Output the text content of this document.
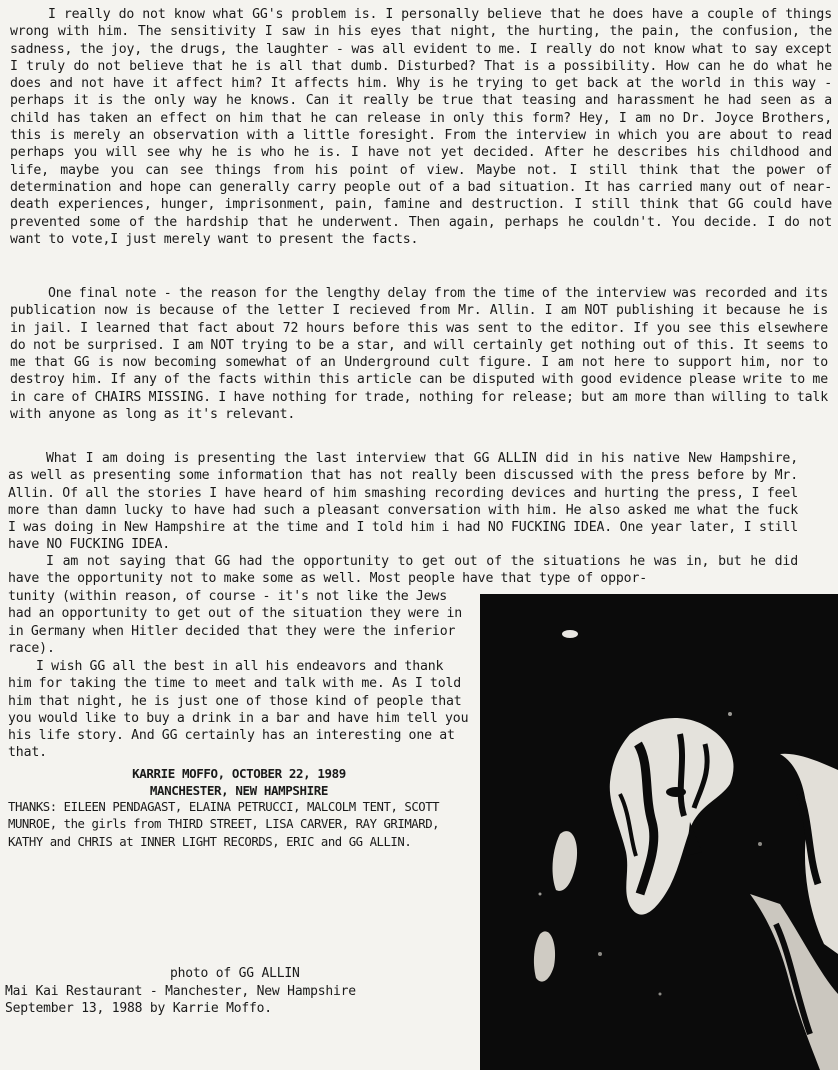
I really do not know what GG's problem is. I personally believe that he does have a couple of things wrong with him. The sensitivity I saw in his eyes that night, the hurting, the pain, the confusion, the sadness, the joy, the drugs, the laughter - was all evident to me. I really do not know what to say except I truly do not believe that he is all that dumb. Disturbed? That is a possibility. How can he do what he does and not have it affect him? It affects him. Why is he trying to get back at the world in this way - perhaps it is the only way he knows. Can it really be true that teasing and harassment he had seen as a child has taken an effect on him that he can release in only this form? Hey, I am no Dr. Joyce Brothers, this is merely an observation with a little foresight. From the interview in which you are about to read perhaps you will see why he is who he is. I have not yet decided. After he describes his childhood and life, maybe you can see things from his point of view. Maybe not. I still think that the power of determination and hope can generally carry people out of a bad situation. It has carried many out of near-death experiences, hunger, imprisonment, pain, famine and destruction. I still think that GG could have prevented some of the hardship that he underwent. Then again, perhaps he couldn't. You decide. I do not want to vote,I just merely want to present the facts.

One final note - the reason for the lengthy delay from the time of the interview was recorded and its publication now is because of the letter I recieved from Mr. Allin. I am NOT publishing it because he is in jail. I learned that fact about 72 hours before this was sent to the editor. If you see this elsewhere do not be surprised. I am NOT trying to be a star, and will certainly get nothing out of this. It seems to me that GG is now becoming somewhat of an Underground cult figure. I am not here to support him, nor to destroy him. If any of the facts within this article can be disputed with good evidence please write to me in care of CHAIRS MISSING. I have nothing for trade, nothing for release; but am more than willing to talk with anyone as long as it's relevant.

What I am doing is presenting the last interview that GG ALLIN did in his native New Hampshire, as well as presenting some information that has not really been discussed with the press before by Mr. Allin. Of all the stories I have heard of him smashing recording devices and hurting the press, I feel more than damn lucky to have had such a pleasant conversation with him. He also asked me what the fuck I was doing in New Hampshire at the time and I told him i had NO FUCKING IDEA. One year later, I still have NO FUCKING IDEA.

I am not saying that GG had the opportunity to get out of the situations he was in, but he did have the opportunity not to make some as well. Most people have that type of oppor-

tunity (within reason, of course - it's not like the Jews had an opportunity to get out of the situation they were in in Germany when Hitler decided that they were the inferior race).

I wish GG all the best in all his endeavors and thank him for taking the time to meet and talk with me. As I told him that night, he is just one of those kind of people that you would like to buy a drink in a bar and have him tell you his life story. And GG certainly has an interesting one at that.

KARRIE MOFFO, OCTOBER 22, 1989
MANCHESTER, NEW HAMPSHIRE

THANKS: EILEEN PENDAGAST, ELAINA PETRUCCI, MALCOLM TENT, SCOTT MUNROE, the girls from THIRD STREET, LISA CARVER, RAY GRIMARD, KATHY and CHRIS at INNER LIGHT RECORDS, ERIC and GG ALLIN.

photo of GG ALLIN
Mai Kai Restaurant - Manchester, New Hampshire
September 13, 1988 by Karrie Moffo.
